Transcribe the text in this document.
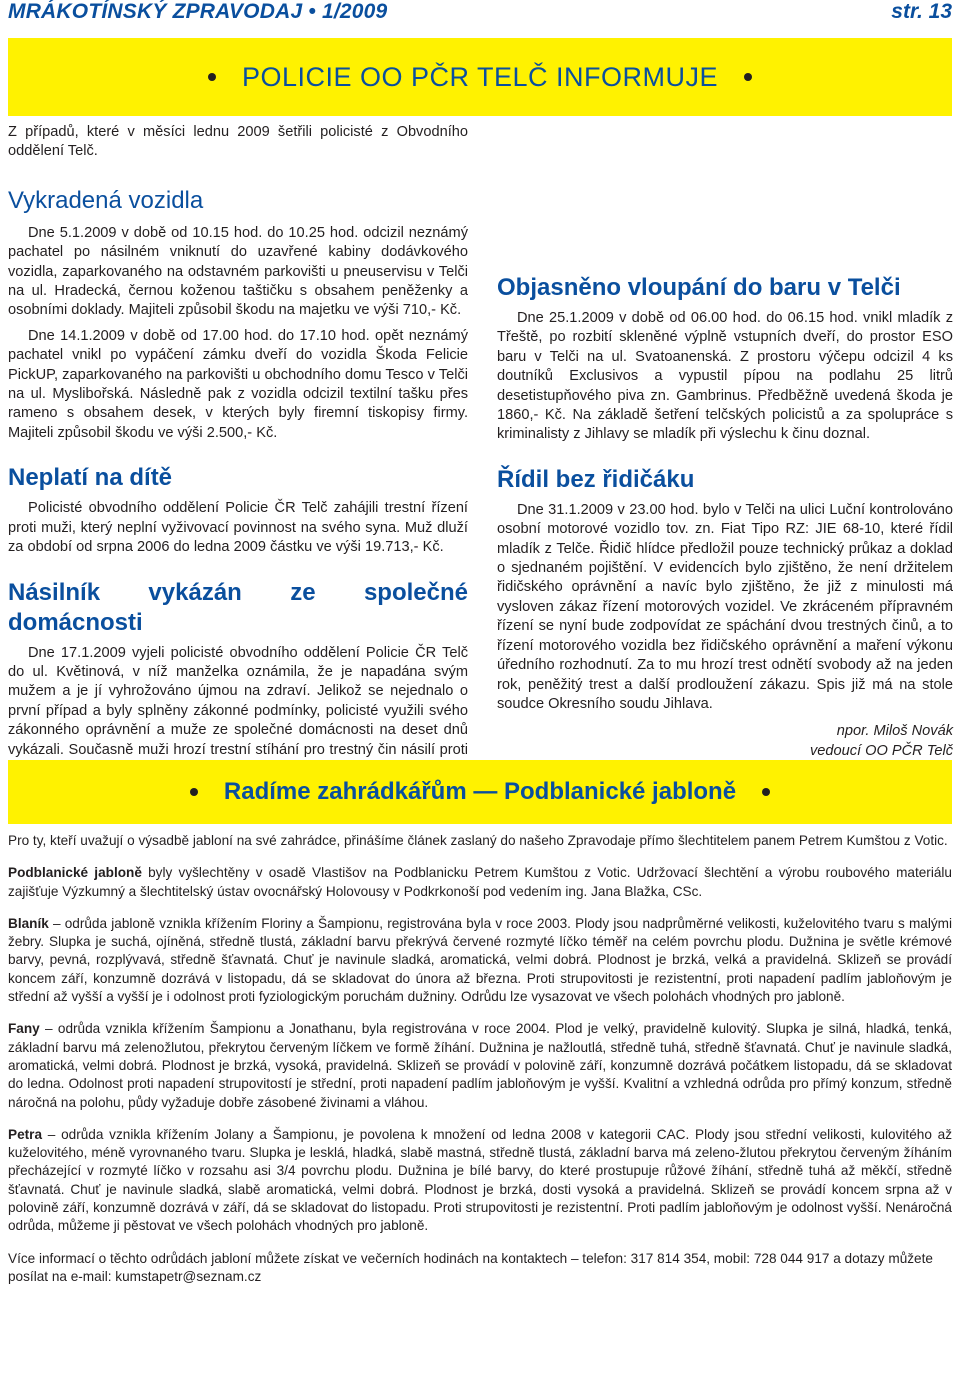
MRÁKOTÍNSKÝ ZPRAVODAJ • 1/2009	str. 13
POLICIE OO PČR TELČ INFORMUJE

Z případů, které v měsíci lednu 2009 šetřili policisté z Obvodního oddělení Telč.

Vykradená vozidla

Dne 5.1.2009 v době od 10.15 hod. do 10.25 hod. odcizil neznámý pachatel po násilném vniknutí do uzavřené kabiny dodávkového vozidla, zaparkovaného na odstavném parkovišti u pneuservisu v Telči na ul. Hradecká, černou koženou taštičku s obsahem peněženky a osobními doklady. Majiteli způsobil škodu na majetku ve výši 710,- Kč.

Dne 14.1.2009 v době od 17.00 hod. do 17.10 hod. opět neznámý pachatel vnikl po vypáčení zámku dveří do vozidla Škoda Felicie PickUP, zaparkovaného na parkovišti u obchodního domu Tesco v Telči na ul. Myslibořská. Následně pak z vozidla odcizil textilní tašku přes rameno s obsahem desek, v kterých byly firemní tiskopisy firmy. Majiteli způsobil škodu ve výši 2.500,- Kč.

Neplatí na dítě

Policisté obvodního oddělení Policie ČR Telč zahájili trestní řízení proti muži, který neplní vyživovací povinnost na svého syna. Muž dluží za období od srpna 2006 do ledna 2009 částku ve výši 19.713,- Kč.

Násilník vykázán ze společné domácnosti

Dne 17.1.2009 vyjeli policisté obvodního oddělení Policie ČR Telč do ul. Květinová, v níž manželka oznámila, že je napadána svým mužem a je jí vyhrožováno újmou na zdraví. Jelikož se nejednalo o první případ a byly splněny zákonné podmínky, policisté využili svého zákonného oprávnění a muže ze společné domácnosti na deset dnů vykázali. Současně muži hrozí trestní stíhání pro trestný čin násilí proti

Objasněno vloupání do baru v Telči

Dne 25.1.2009 v době od 06.00 hod. do 06.15 hod. vnikl mladík z Třeště, po rozbití skleněné výplně vstupních dveří, do prostor ESO baru v Telči na ul. Svatoanenská. Z prostoru výčepu odcizil 4 ks doutníků Exclusivos a vypustil pípou na podlahu 25 litrů desetistupňového piva zn. Gambrinus. Předběžně uvedená škoda je 1860,- Kč. Na základě šetření telčských policistů a za spolupráce s kriminalisty z Jihlavy se mladík při výslechu k činu doznal.

Řídil bez řidičáku

Dne 31.1.2009 v 23.00 hod. bylo v Telči na ulici Luční kontrolováno osobní motorové vozidlo tov. zn. Fiat Tipo RZ: JIE 68-10, které řídil mladík z Telče. Řidič hlídce předložil pouze technický průkaz a doklad o sjednaném pojištění. V evidencích bylo zjištěno, že není držitelem řidičského oprávnění a navíc bylo zjištěno, že již z minulosti má vysloven zákaz řízení motorových vozidel. Ve zkráceném přípravném řízení se nyní bude zodpovídat ze spáchání dvou trestných činů, a to řízení motorového vozidla bez řidičského oprávnění a maření výkonu úředního rozhodnutí. Za to mu hrozí trest odnětí svobody až na jeden rok, peněžitý trest a další prodloužení zákazu. Spis již má na stole soudce Okresního soudu Jihlava.

npor. Miloš Novák

vedoucí OO PČR Telč

Radíme zahrádkářům — Podblanické jabloně

Pro ty, kteří uvažují o výsadbě jabloní na své zahrádce, přinášíme článek zaslaný do našeho Zpravodaje přímo šlechtitelem panem Petrem Kumštou z Votic.

Podblanické jabloně byly vyšlechtěny v osadě Vlastišov na Podblanicku Petrem Kumštou z Votic. Udržovací šlechtění a výrobu roubového materiálu zajišťuje Výzkumný a šlechtitelský ústav ovocnářský Holovousy v Podkrkonoší pod vedením ing. Jana Blažka, CSc.

Blaník – odrůda jabloně vznikla křížením Floriny a Šampionu, registrována byla v roce 2003. Plody jsou nadprůměrné velikosti, kuželovitého tvaru s malými žebry. Slupka je suchá, ojíněná, středně tlustá, základní barvu překrývá červené rozmyté líčko téměř na celém povrchu plodu. Dužnina je světle krémové barvy, pevná, rozplývavá, středně šťavnatá. Chuť je navinule sladká, aromatická, velmi dobrá. Plodnost je brzká, velká a pravidelná. Sklizeň se provádí koncem září, konzumně dozrává v listopadu, dá se skladovat do února až března. Proti strupovitosti je rezistentní, proti napadení padlím jabloňovým je střední až vyšší a vyšší je i odolnost proti fyziologickým poruchám dužniny. Odrůdu lze vysazovat ve všech polohách vhodných pro jabloně.

Fany – odrůda vznikla křížením Šampionu a Jonathanu, byla registrována v roce 2004. Plod je velký, pravidelně kulovitý. Slupka je silná, hladká, tenká, základní barvu má zelenožlutou, překrytou červeným líčkem ve formě žíhání. Dužnina je nažloutlá, středně tuhá, středně šťavnatá. Chuť je navinule sladká, aromatická, velmi dobrá. Plodnost je brzká, vysoká, pravidelná. Sklizeň se provádí v polovině září, konzumně dozrává počátkem listopadu, dá se skladovat do ledna. Odolnost proti napadení strupovitostí je střední, proti napadení padlím jabloňovým je vyšší. Kvalitní a vzhledná odrůda pro přímý konzum, středně náročná na polohu, půdy vyžaduje dobře zásobené živinami a vláhou.

Petra – odrůda vznikla křížením Jolany a Šampionu, je povolena k množení od ledna 2008 v kategorii CAC. Plody jsou střední velikosti, kulovitého až kuželovitého, méně vyrovnaného tvaru. Slupka je lesklá, hladká, slabě mastná, středně tlustá, základní barva má zeleno-žlutou překrytou červeným žíháním přecházející v rozmyté líčko v rozsahu asi 3/4 povrchu plodu. Dužnina je bílé barvy, do které prostupuje růžové žíhání, středně tuhá až měkčí, středně šťavnatá. Chuť je navinule sladká, slabě aromatická, velmi dobrá. Plodnost je brzká, dosti vysoká a pravidelná. Sklizeň se provádí koncem srpna až v polovině září, konzumně dozrává v září, dá se skladovat do listopadu. Proti strupovitosti je rezistentní. Proti padlím jabloňovým je odolnost vyšší. Nenáročná odrůda, můžeme ji pěstovat ve všech polohách vhodných pro jabloně.

Více informací o těchto odrůdách jabloní můžete získat ve večerních hodinách na kontaktech – telefon: 317 814 354, mobil: 728 044 917 a dotazy můžete posílat na e-mail: kumstapetr@seznam.cz
